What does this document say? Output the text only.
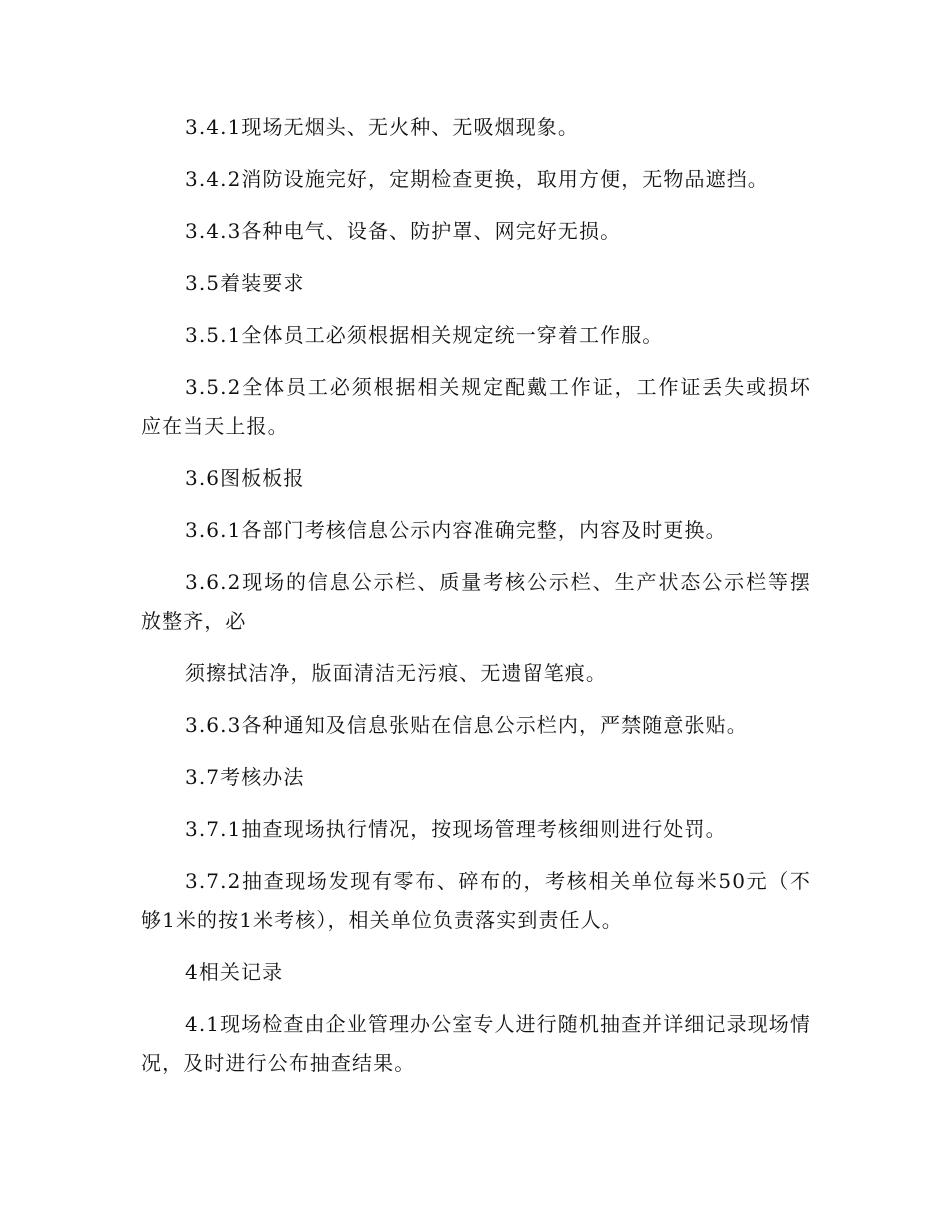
3.4.1现场无烟头、无火种、无吸烟现象。

3.4.2消防设施完好，定期检查更换，取用方便，无物品遮挡。

3.4.3各种电气、设备、防护罩、网完好无损。

3.5着装要求

3.5.1全体员工必须根据相关规定统一穿着工作服。

3.5.2全体员工必须根据相关规定配戴工作证，工作证丢失或损坏应在当天上报。

3.6图板板报

3.6.1各部门考核信息公示内容准确完整，内容及时更换。

3.6.2现场的信息公示栏、质量考核公示栏、生产状态公示栏等摆放整齐，必

须擦拭洁净，版面清洁无污痕、无遗留笔痕。

3.6.3各种通知及信息张贴在信息公示栏内，严禁随意张贴。

3.7考核办法

3.7.1抽查现场执行情况，按现场管理考核细则进行处罚。

3.7.2抽查现场发现有零布、碎布的，考核相关单位每米50元（不够1米的按1米考核），相关单位负责落实到责任人。

4相关记录

4.1现场检查由企业管理办公室专人进行随机抽查并详细记录现场情况，及时进行公布抽查结果。
